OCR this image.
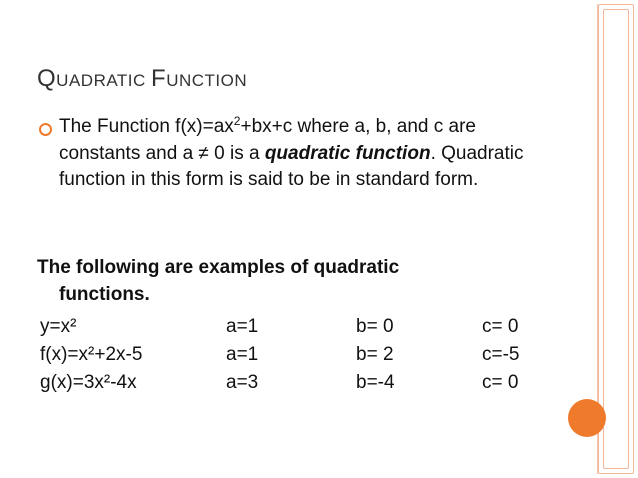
QUADRATIC FUNCTION
The Function $f(x)=ax^2+bx+c$ where a, b, and c are constants and a ≠ 0 is a quadratic function. Quadratic function in this form is said to be in standard form.
The following are examples of quadratic
functions.
y=x²	a=1	b= 0	c= 0
f(x)=x²+2x-5	a=1	b= 2	c=-5
g(x)=3x²-4x	a=3	b=-4	c= 0
